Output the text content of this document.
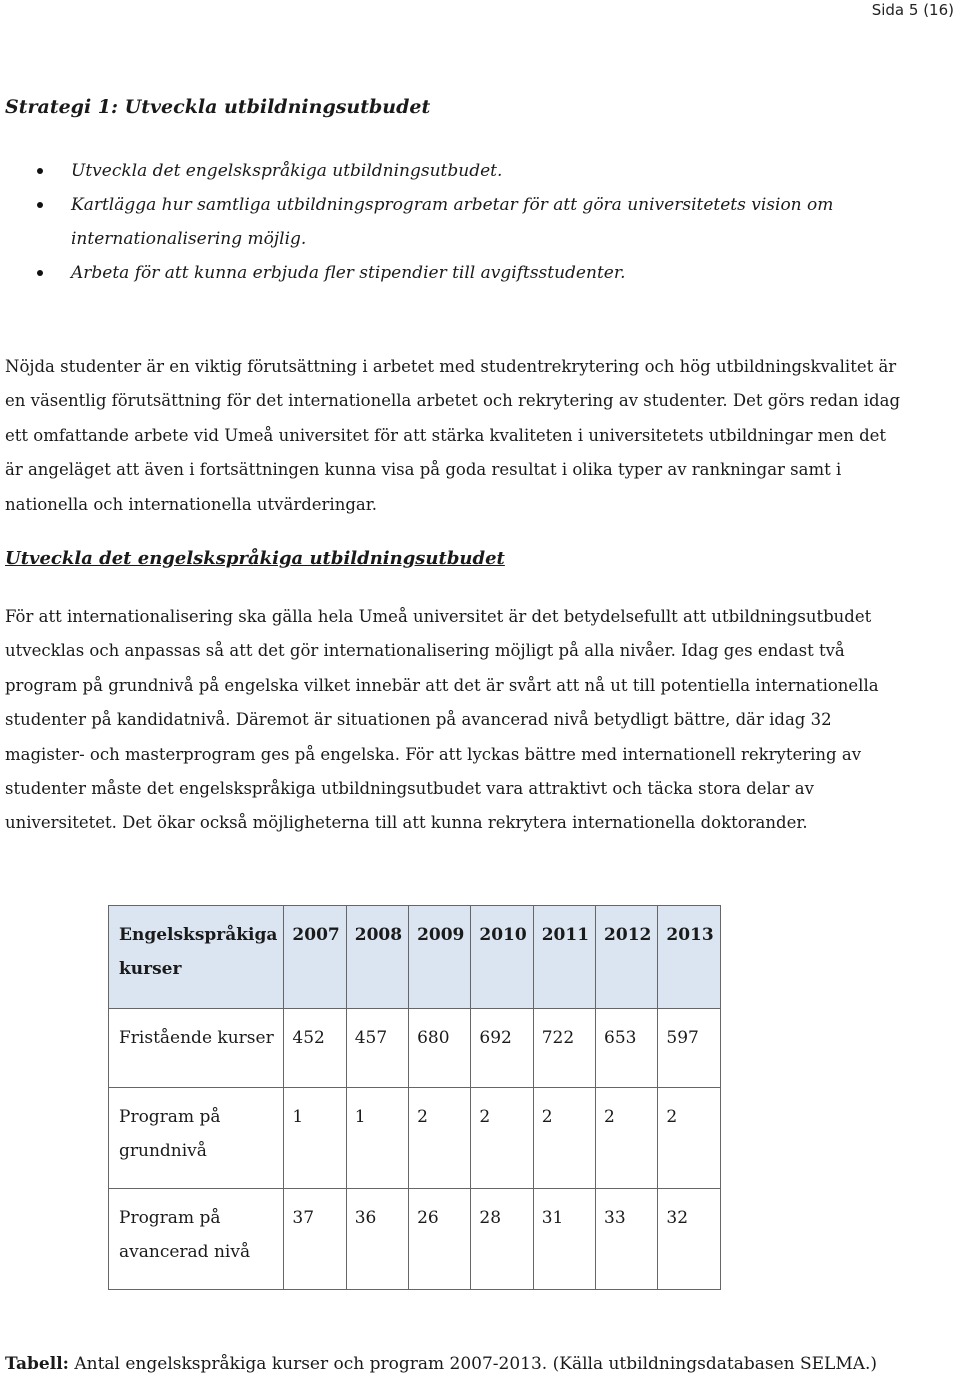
Sida 5 (16)
Strategi 1: Utveckla utbildningsutbudet
Utveckla det engelskspråkiga utbildningsutbudet.
Kartlägga hur samtliga utbildningsprogram arbetar för att göra universitetets vision om internationalisering möjlig.
Arbeta för att kunna erbjuda fler stipendier till avgiftsstudenter.

Nöjda studenter är en viktig förutsättning i arbetet med studentrekrytering och hög utbildningskvalitet är en väsentlig förutsättning för det internationella arbetet och rekrytering av studenter. Det görs redan idag ett omfattande arbete vid Umeå universitet för att stärka kvaliteten i universitetets utbildningar men det är angeläget att även i fortsättningen kunna visa på goda resultat i olika typer av rankningar samt i nationella och internationella utvärderingar.

Utveckla det engelskspråkiga utbildningsutbudet

För att internationalisering ska gälla hela Umeå universitet är det betydelsefullt att utbildningsutbudet utvecklas och anpassas så att det gör internationalisering möjligt på alla nivåer. Idag ges endast två program på grundnivå på engelska vilket innebär att det är svårt att nå ut till potentiella internationella studenter på kandidatnivå. Däremot är situationen på avancerad nivå betydligt bättre, där idag 32 magister- och masterprogram ges på engelska. För att lyckas bättre med internationell rekrytering av studenter måste det engelskspråkiga utbildningsutbudet vara attraktivt och täcka stora delar av universitetet. Det ökar också möjligheterna till att kunna rekrytera internationella doktorander.

Engelskspråkiga kurser	2007	2008	2009	2010	2011	2012	2013
Fristående kurser	452	457	680	692	722	653	597
Program på grundnivå	1	1	2	2	2	2	2
Program på avancerad nivå	37	36	26	28	31	33	32
Tabell: Antal engelskspråkiga kurser och program 2007-2013. (Källa utbildningsdatabasen SELMA.)
